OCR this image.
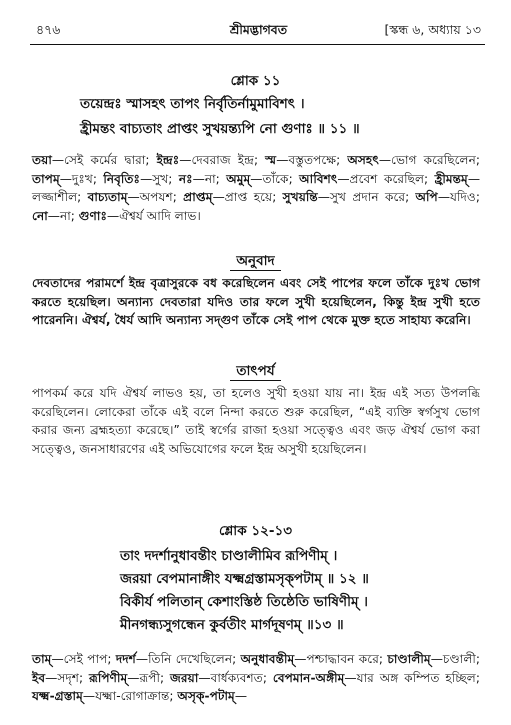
৪৭৬	শ্রীমদ্ভাগবত	[স্কন্ধ ৬, অধ্যায় ১৩
শ্লোক ১১
তয়েন্দ্রঃ স্মাসহৎ তাপং নির্বৃতির্নামুমাবিশৎ ।
হ্রীমন্তং বাচ্যতাং প্রাপ্তং সুখয়ন্ত্যপি নো গুণাঃ ॥ ১১ ॥
তয়া—সেই কর্মের দ্বারা; ইন্দ্রঃ—দেবরাজ ইন্দ্র; স্ম—বস্তুতপক্ষে; অসহৎ—ভোগ করেছিলেন; তাপম্—দুঃখ; নিবৃতিঃ—সুখ; নঃ—না; অমুম্—তাঁকে; আবিশৎ—প্রবেশ করেছিল; হ্রীমন্তম্—লজ্জাশীল; বাচ্যতাম্—অপযশ; প্রাপ্তম্—প্রাপ্ত হয়ে; সুখয়ন্তি—সুখ প্রদান করে; অপি—যদিও; নো—না; গুণাঃ—ঐশ্বর্য আদি লাভ।
অনুবাদ
দেবতাদের পরামর্শে ইন্দ্র বৃত্রাসুরকে বধ করেছিলেন এবং সেই পাপের ফলে তাঁকে দুঃখ ভোগ করতে হয়েছিল। অন্যান্য দেবতারা যদিও তার ফলে সুখী হয়েছিলেন, কিন্তু ইন্দ্র সুখী হতে পারেননি। ঐশ্বর্য, ধৈর্য আদি অন্যান্য সদ্গুণ তাঁকে সেই পাপ থেকে মুক্ত হতে সাহায্য করেনি।
তাৎপর্য
পাপকর্ম করে যদি ঐশ্বর্য লাভও হয়, তা হলেও সুখী হওয়া যায় না। ইন্দ্র এই সত্য উপলব্ধি করেছিলেন। লোকেরা তাঁকে এই বলে নিন্দা করতে শুরু করেছিল, “এই ব্যক্তি স্বর্গসুখ ভোগ করার জন্য ব্রহ্মহত্যা করেছে।” তাই স্বর্গের রাজা হওয়া সত্ত্বেও এবং জড় ঐশ্বর্য ভোগ করা সত্ত্বেও, জনসাধারণের এই অভিযোগের ফলে ইন্দ্র অসুখী হয়েছিলেন।
শ্লোক ১২-১৩
তাং দদর্শানুধাবন্তীং চাণ্ডালীমিব রূপিণীম্ ।
জরয়া বেপমানাঙ্গীং যক্ষ্মগ্রস্তামসৃক্‌পটাম্ ॥ ১২ ॥
বিকীর্য পলিতান্ কেশাংস্তিষ্ঠ তিষ্ঠেতি ভাষিণীম্ ।
মীনগন্ধ্যসুগন্ধেন কুর্বতীং মার্গদূষণম্ ॥১৩ ॥
তাম্—সেই পাপ; দদর্শ—তিনি দেখেছিলেন; অনুধাবন্তীম্—পশ্চাদ্ধাবন করে; চাণ্ডালীম্—চণ্ডালী; ইব—সদৃশ; রূপিণীম্—রূপী; জরয়া—বার্ধক্যবশত; বেপমান-অঙ্গীম্—যার অঙ্গ কম্পিত হচ্ছিল; যক্ষ্ম-গ্রস্তাম্—যক্ষ্মা-রোগাক্রান্ত; অসৃক্-পটাম্—
